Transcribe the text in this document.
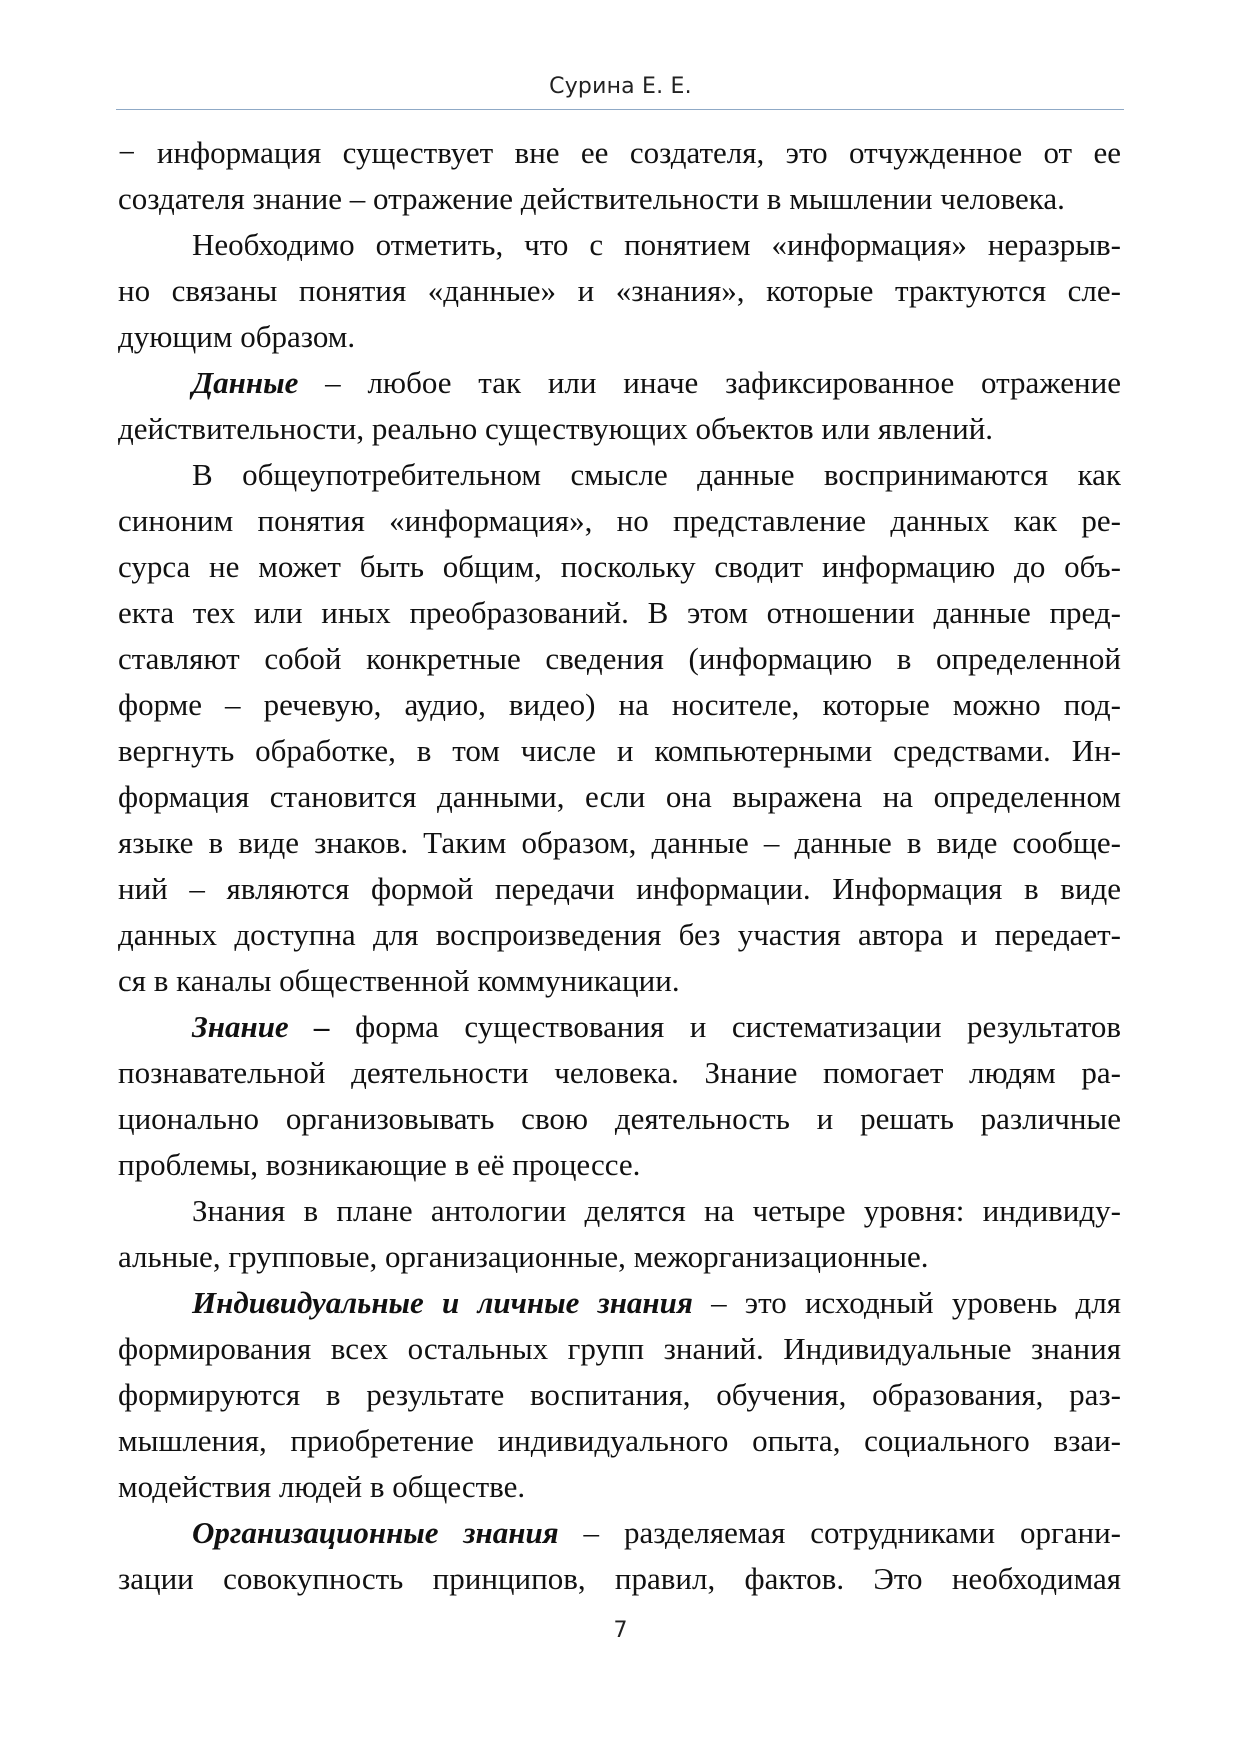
Сурина Е. Е.
− информация существует вне ее создателя, это отчужденное от ее
создателя знание – отражение действительности в мышлении человека.
Необходимо отметить, что с понятием «информация» неразрыв-
но связаны понятия «данные» и «знания», которые трактуются сле-
дующим образом.
Данные – любое так или иначе зафиксированное отражение
действительности, реально существующих объектов или явлений.
В общеупотребительном смысле данные воспринимаются как
синоним понятия «информация», но представление данных как ре-
сурса не может быть общим, поскольку сводит информацию до объ-
екта тех или иных преобразований. В этом отношении данные пред-
ставляют собой конкретные сведения (информацию в определенной
форме – речевую, аудио, видео) на носителе, которые можно под-
вергнуть обработке, в том числе и компьютерными средствами. Ин-
формация становится данными, если она выражена на определенном
языке в виде знаков. Таким образом, данные – данные в виде сообще-
ний – являются формой передачи информации. Информация в виде
данных доступна для воспроизведения без участия автора и передает-
ся в каналы общественной коммуникации.
Знание – форма существования и систематизации результатов
познавательной деятельности человека. Знание помогает людям ра-
ционально организовывать свою деятельность и решать различные
проблемы, возникающие в её процессе.
Знания в плане антологии делятся на четыре уровня: индивиду-
альные, групповые, организационные, межорганизационные.
Индивидуальные и личные знания – это исходный уровень для
формирования всех остальных групп знаний. Индивидуальные знания
формируются в результате воспитания, обучения, образования, раз-
мышления, приобретение индивидуального опыта, социального взаи-
модействия людей в обществе.
Организационные знания – разделяемая сотрудниками органи-
зации совокупность принципов, правил, фактов. Это необходимая
7
